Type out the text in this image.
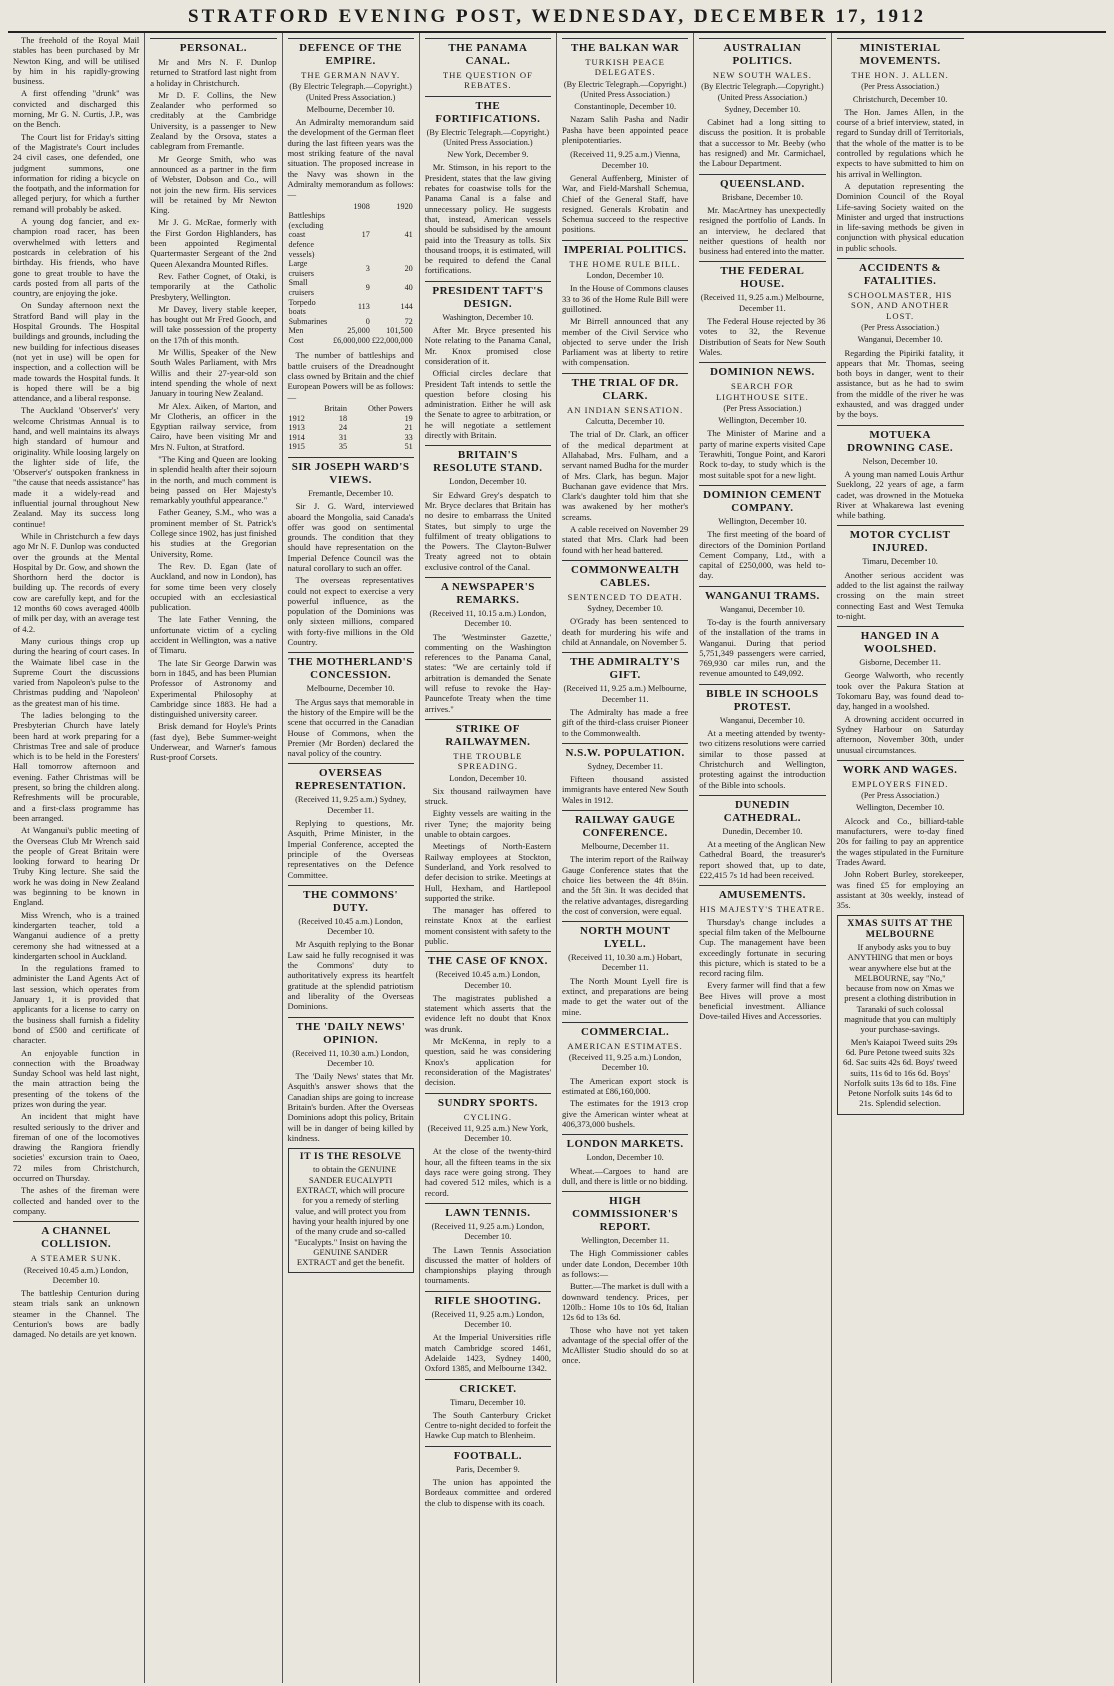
STRATFORD EVENING POST, WEDNESDAY, DECEMBER 17, 1912

The freehold of the Royal Mail stables has been purchased by Mr Newton King, and will be utilised by him in his rapidly-growing business.

A first offending "drunk" was convicted and discharged this morning, Mr G. N. Curtis, J.P., was on the Bench.

The Court list for Friday's sitting of the Magistrate's Court includes 24 civil cases, one defended, one judgment summons, one information for riding a bicycle on the footpath, and the information for alleged perjury, for which a further remand will probably be asked.

A young dog fancier, and ex-champion road racer, has been overwhelmed with letters and postcards in celebration of his birthday. His friends, who have gone to great trouble to have the cards posted from all parts of the country, are enjoying the joke.

On Sunday afternoon next the Stratford Band will play in the Hospital Grounds. The Hospital buildings and grounds, including the new building for infectious diseases (not yet in use) will be open for inspection, and a collection will be made towards the Hospital funds. It is hoped there will be a big attendance, and a liberal response.

The Auckland 'Observer's' very welcome Christmas Annual is to hand, and well maintains its always high standard of humour and originality. While loosing largely on the lighter side of life, the 'Observer's' outspoken frankness in "the cause that needs assistance" has made it a widely-read and influential journal throughout New Zealand. May its success long continue!

While in Christchurch a few days ago Mr N. F. Dunlop was conducted over the grounds at the Mental Hospital by Dr. Gow, and shown the Shorthorn herd the doctor is building up. The records of every cow are carefully kept, and for the 12 months 60 cows averaged 400lb of milk per day, with an average test of 4.2.

Many curious things crop up during the hearing of court cases. In the Waimate libel case in the Supreme Court the discussions varied from Napoleon's pulse to the Christmas pudding and 'Napoleon' as the greatest man of his time.

The ladies belonging to the Presbyterian Church have lately been hard at work preparing for a Christmas Tree and sale of produce which is to be held in the Foresters' Hall tomorrow afternoon and evening. Father Christmas will be present, so bring the children along. Refreshments will be procurable, and a first-class programme has been arranged.

At Wanganui's public meeting of the Overseas Club Mr Wrench said the people of Great Britain were looking forward to hearing Dr Truby King lecture. She said the work he was doing in New Zealand was beginning to be known in England.

Miss Wrench, who is a trained kindergarten teacher, told a Wanganui audience of a pretty ceremony she had witnessed at a kindergarten school in Auckland.

In the regulations framed to administer the Land Agents Act of last session, which operates from January 1, it is provided that applicants for a license to carry on the business shall furnish a fidelity bond of £500 and certificate of character.

An enjoyable function in connection with the Broadway Sunday School was held last night, the main attraction being the presenting of the tokens of the prizes won during the year.

An incident that might have resulted seriously to the driver and fireman of one of the locomotives drawing the Rangiora friendly societies' excursion train to Oaeo, 72 miles from Christchurch, occurred on Thursday.

The ashes of the fireman were collected and handed over to the company.

A CHANNEL COLLISION.
A STEAMER SUNK.
(Received 10.45 a.m.) London, December 10.

The battleship Centurion during steam trials sank an unknown steamer in the Channel. The Centurion's bows are badly damaged. No details are yet known.

PERSONAL.

Mr and Mrs N. F. Dunlop returned to Stratford last night from a holiday in Christchurch.

Mr D. F. Collins, the New Zealander who performed so creditably at the Cambridge University, is a passenger to New Zealand by the Orsova, states a cablegram from Fremantle.

Mr George Smith, who was announced as a partner in the firm of Webster, Dobson and Co., will not join the new firm. His services will be retained by Mr Newton King.

Mr J. G. McRae, formerly with the First Gordon Highlanders, has been appointed Regimental Quartermaster Sergeant of the 2nd Queen Alexandra Mounted Rifles.

Rev. Father Cognet, of Otaki, is temporarily at the Catholic Presbytery, Wellington.

Mr Davey, livery stable keeper, has bought out Mr Fred Gooch, and will take possession of the property on the 17th of this month.

Mr Willis, Speaker of the New South Wales Parliament, with Mrs Willis and their 27-year-old son intend spending the whole of next January in touring New Zealand.

Mr Alex. Aiken, of Marton, and Mr Clotheris, an officer in the Egyptian railway service, from Cairo, have been visiting Mr and Mrs N. Fulton, at Stratford.

"The King and Queen are looking in splendid health after their sojourn in the north, and much comment is being passed on Her Majesty's remarkably youthful appearance."

Father Geaney, S.M., who was a prominent member of St. Patrick's College since 1902, has just finished his studies at the Gregorian University, Rome.

The Rev. D. Egan (late of Auckland, and now in London), has for some time been very closely occupied with an ecclesiastical publication.

The late Father Venning, the unfortunate victim of a cycling accident in Wellington, was a native of Timaru.

The late Sir George Darwin was born in 1845, and has been Plumian Professor of Astronomy and Experimental Philosophy at Cambridge since 1883. He had a distinguished university career.

Brisk demand for Hoyle's Prints (fast dye), Bebe Summer-weight Underwear, and Warner's famous Rust-proof Corsets.

DEFENCE OF THE EMPIRE.
THE GERMAN NAVY.
(By Electric Telegraph.—Copyright.) (United Press Association.)
Melbourne, December 10.

An Admiralty memorandum said the development of the German fleet during the last fifteen years was the most striking feature of the naval situation. The proposed increase in the Navy was shown in the Admiralty memorandum as follows:—

	1908	1920
Battleships (excluding coast defence vessels)	17	41
Large cruisers	3	20
Small cruisers	9	40
Torpedo boats	113	144
Submarines	0	72
Men	25,000	101,500
Cost	£6,000,000	£22,000,000

The number of battleships and battle cruisers of the Dreadnought class owned by Britain and the chief European Powers will be as follows:—

	Britain	Other Powers
1912	18	19
1913	24	21
1914	31	33
1915	35	51
SIR JOSEPH WARD'S VIEWS.
Fremantle, December 10.

Sir J. G. Ward, interviewed aboard the Mongolia, said Canada's offer was good on sentimental grounds. The condition that they should have representation on the Imperial Defence Council was the natural corollary to such an offer.

The overseas representatives could not expect to exercise a very powerful influence, as the population of the Dominions was only sixteen millions, compared with forty-five millions in the Old Country.

THE MOTHERLAND'S CONCESSION.
Melbourne, December 10.

The Argus says that memorable in the history of the Empire will be the scene that occurred in the Canadian House of Commons, when the Premier (Mr Borden) declared the naval policy of the country.

OVERSEAS REPRESENTATION.
(Received 11, 9.25 a.m.) Sydney, December 11.

Replying to questions, Mr. Asquith, Prime Minister, in the Imperial Conference, accepted the principle of the Overseas representatives on the Defence Committee.

THE COMMONS' DUTY.
(Received 10.45 a.m.) London, December 10.

Mr Asquith replying to the Bonar Law said he fully recognised it was the Commons' duty to authoritatively express its heartfelt gratitude at the splendid patriotism and liberality of the Overseas Dominions.

THE 'DAILY NEWS' OPINION.
(Received 11, 10.30 a.m.) London, December 10.

The 'Daily News' states that Mr. Asquith's answer shows that the Canadian ships are going to increase Britain's burden. After the Overseas Dominions adopt this policy, Britain will be in danger of being killed by kindness.

IT IS THE RESOLVE

to obtain the GENUINE SANDER EUCALYPTI EXTRACT, which will procure for you a remedy of sterling value, and will protect you from having your health injured by one of the many crude and so-called "Eucalypts." Insist on having the GENUINE SANDER EXTRACT and get the benefit.

THE PANAMA CANAL.
THE QUESTION OF REBATES.
THE FORTIFICATIONS.
(By Electric Telegraph.—Copyright.) (United Press Association.)
New York, December 9.

Mr. Stimson, in his report to the President, states that the law giving rebates for coastwise tolls for the Panama Canal is a false and unnecessary policy. He suggests that, instead, American vessels should be subsidised by the amount paid into the Treasury as tolls. Six thousand troops, it is estimated, will be required to defend the Canal fortifications.

PRESIDENT TAFT'S DESIGN.
Washington, December 10.

After Mr. Bryce presented his Note relating to the Panama Canal, Mr. Knox promised close consideration of it.

Official circles declare that President Taft intends to settle the question before closing his administration. Either he will ask the Senate to agree to arbitration, or he will negotiate a settlement directly with Britain.

BRITAIN'S RESOLUTE STAND.
London, December 10.

Sir Edward Grey's despatch to Mr. Bryce declares that Britain has no desire to embarrass the United States, but simply to urge the fulfilment of treaty obligations to the Powers. The Clayton-Bulwer Treaty agreed not to obtain exclusive control of the Canal.

A NEWSPAPER'S REMARKS.
(Received 11, 10.15 a.m.) London, December 10.

The 'Westminster Gazette,' commenting on the Washington references to the Panama Canal, states: "We are certainly told if arbitration is demanded the Senate will refuse to revoke the Hay-Pauncefote Treaty when the time arrives."

STRIKE OF RAILWAYMEN.
THE TROUBLE SPREADING.
London, December 10.

Six thousand railwaymen have struck.

Eighty vessels are waiting in the river Tyne; the majority being unable to obtain cargoes.

Meetings of North-Eastern Railway employees at Stockton, Sunderland, and York resolved to defer decision to strike. Meetings at Hull, Hexham, and Hartlepool supported the strike.

The manager has offered to reinstate Knox at the earliest moment consistent with safety to the public.

THE CASE OF KNOX.
(Received 10.45 a.m.) London, December 10.

The magistrates published a statement which asserts that the evidence left no doubt that Knox was drunk.

Mr McKenna, in reply to a question, said he was considering Knox's application for reconsideration of the Magistrates' decision.

SUNDRY SPORTS.
CYCLING.
(Received 11, 9.25 a.m.) New York, December 10.

At the close of the twenty-third hour, all the fifteen teams in the six days race were going strong. They had covered 512 miles, which is a record.

LAWN TENNIS.
(Received 11, 9.25 a.m.) London, December 10.

The Lawn Tennis Association discussed the matter of holders of championships playing through tournaments.

RIFLE SHOOTING.
(Received 11, 9.25 a.m.) London, December 10.

At the Imperial Universities rifle match Cambridge scored 1461, Adelaide 1423, Sydney 1400, Oxford 1385, and Melbourne 1342.

CRICKET.
Timaru, December 10.

The South Canterbury Cricket Centre to-night decided to forfeit the Hawke Cup match to Blenheim.

FOOTBALL.
Paris, December 9.

The union has appointed the Bordeaux committee and ordered the club to dispense with its coach.

THE BALKAN WAR
TURKISH PEACE DELEGATES.
(By Electric Telegraph.—Copyright.) (United Press Association.)
Constantinople, December 10.

Nazam Salih Pasha and Nadir Pasha have been appointed peace plenipotentiaries.

(Received 11, 9.25 a.m.) Vienna, December 10.

General Auffenberg, Minister of War, and Field-Marshall Schemua, Chief of the General Staff, have resigned. Generals Krobatin and Schemua succeed to the respective positions.

IMPERIAL POLITICS.
THE HOME RULE BILL.
London, December 10.

In the House of Commons clauses 33 to 36 of the Home Rule Bill were guillotined.

Mr Birrell announced that any member of the Civil Service who objected to serve under the Irish Parliament was at liberty to retire with compensation.

THE TRIAL OF DR. CLARK.
AN INDIAN SENSATION.
Calcutta, December 10.

The trial of Dr. Clark, an officer of the medical department at Allahabad, Mrs. Fulham, and a servant named Budha for the murder of Mrs. Clark, has begun. Major Buchanan gave evidence that Mrs. Clark's daughter told him that she was awakened by her mother's screams.

A cable received on November 29 stated that Mrs. Clark had been found with her head battered.

COMMONWEALTH CABLES.
SENTENCED TO DEATH.
Sydney, December 10.

O'Grady has been sentenced to death for murdering his wife and child at Annandale, on November 5.

THE ADMIRALTY'S GIFT.
(Received 11, 9.25 a.m.) Melbourne, December 11.

The Admiralty has made a free gift of the third-class cruiser Pioneer to the Commonwealth.

N.S.W. POPULATION.
Sydney, December 11.

Fifteen thousand assisted immigrants have entered New South Wales in 1912.

RAILWAY GAUGE CONFERENCE.
Melbourne, December 11.

The interim report of the Railway Gauge Conference states that the choice lies between the 4ft 8½in. and the 5ft 3in. It was decided that the relative advantages, disregarding the cost of conversion, were equal.

NORTH MOUNT LYELL.
(Received 11, 10.30 a.m.) Hobart, December 11.

The North Mount Lyell fire is extinct, and preparations are being made to get the water out of the mine.

COMMERCIAL.
AMERICAN ESTIMATES.
(Received 11, 9.25 a.m.) London, December 10.

The American export stock is estimated at £86,160,000.

The estimates for the 1913 crop give the American winter wheat at 406,373,000 bushels.

LONDON MARKETS.
London, December 10.

Wheat.—Cargoes to hand are dull, and there is little or no bidding.

HIGH COMMISSIONER'S REPORT.
Wellington, December 11.

The High Commissioner cables under date London, December 10th as follows:—

Butter.—The market is dull with a downward tendency. Prices, per 120lb.: Home 10s to 10s 6d, Italian 12s 6d to 13s 6d.

Those who have not yet taken advantage of the special offer of the McAllister Studio should do so at once.

AUSTRALIAN POLITICS.
NEW SOUTH WALES.
(By Electric Telegraph.—Copyright.) (United Press Association.)
Sydney, December 10.

Cabinet had a long sitting to discuss the position. It is probable that a successor to Mr. Beeby (who has resigned) and Mr. Carmichael, the Labour Department.

QUEENSLAND.
Brisbane, December 10.

Mr. MacArtney has unexpectedly resigned the portfolio of Lands. In an interview, he declared that neither questions of health nor business had entered into the matter.

THE FEDERAL HOUSE.
(Received 11, 9.25 a.m.) Melbourne, December 11.

The Federal House rejected by 36 votes to 32, the Revenue Distribution of Seats for New South Wales.

DOMINION NEWS.
SEARCH FOR LIGHTHOUSE SITE.
(Per Press Association.)
Wellington, December 10.

The Minister of Marine and a party of marine experts visited Cape Terawhiti, Tongue Point, and Karori Rock to-day, to study which is the most suitable spot for a new light.

DOMINION CEMENT COMPANY.
Wellington, December 10.

The first meeting of the board of directors of the Dominion Portland Cement Company, Ltd., with a capital of £250,000, was held to-day.

WANGANUI TRAMS.
Wanganui, December 10.

To-day is the fourth anniversary of the installation of the trams in Wanganui. During that period 5,751,349 passengers were carried, 769,930 car miles run, and the revenue amounted to £49,092.

BIBLE IN SCHOOLS PROTEST.
Wanganui, December 10.

At a meeting attended by twenty-two citizens resolutions were carried similar to those passed at Christchurch and Wellington, protesting against the introduction of the Bible into schools.

DUNEDIN CATHEDRAL.
Dunedin, December 10.

At a meeting of the Anglican New Cathedral Board, the treasurer's report showed that, up to date, £22,415 7s 1d had been received.

AMUSEMENTS.
HIS MAJESTY'S THEATRE.

Thursday's change includes a special film taken of the Melbourne Cup. The management have been exceedingly fortunate in securing this picture, which is stated to be a record racing film.

Every farmer will find that a few Bee Hives will prove a most beneficial investment. Alliance Dove-tailed Hives and Accessories.

MINISTERIAL MOVEMENTS.
THE HON. J. ALLEN.
(Per Press Association.)
Christchurch, December 10.

The Hon. James Allen, in the course of a brief interview, stated, in regard to Sunday drill of Territorials, that the whole of the matter is to be controlled by regulations which he expects to have submitted to him on his arrival in Wellington.

A deputation representing the Dominion Council of the Royal Life-saving Society waited on the Minister and urged that instructions in life-saving methods be given in conjunction with physical education in public schools.

ACCIDENTS & FATALITIES.
SCHOOLMASTER, HIS SON, AND ANOTHER LOST.
(Per Press Association.)
Wanganui, December 10.

Regarding the Pipiriki fatality, it appears that Mr. Thomas, seeing both boys in danger, went to their assistance, but as he had to swim from the middle of the river he was exhausted, and was dragged under by the boys.

MOTUEKA DROWNING CASE.
Nelson, December 10.

A young man named Louis Arthur Sueklong, 22 years of age, a farm cadet, was drowned in the Motueka River at Whakarewa last evening while bathing.

MOTOR CYCLIST INJURED.
Timaru, December 10.

Another serious accident was added to the list against the railway crossing on the main street connecting East and West Temuka to-night.

HANGED IN A WOOLSHED.
Gisborne, December 11.

George Walworth, who recently took over the Pakura Station at Tokomaru Bay, was found dead to-day, hanged in a woolshed.

A drowning accident occurred in Sydney Harbour on Saturday afternoon, November 30th, under unusual circumstances.

WORK AND WAGES.
EMPLOYERS FINED.
(Per Press Association.)
Wellington, December 10.

Alcock and Co., billiard-table manufacturers, were to-day fined 20s for failing to pay an apprentice the wages stipulated in the Furniture Trades Award.

John Robert Burley, storekeeper, was fined £5 for employing an assistant at 30s weekly, instead of 35s.

XMAS SUITS AT THE MELBOURNE

If anybody asks you to buy ANYTHING that men or boys wear anywhere else but at the MELBOURNE, say "No," because from now on Xmas we present a clothing distribution in Taranaki of such colossal magnitude that you can multiply your purchase-savings.

Men's Kaiapoi Tweed suits 29s 6d. Pure Petone tweed suits 32s 6d. Sac suits 42s 6d. Boys' tweed suits, 11s 6d to 16s 6d. Boys' Norfolk suits 13s 6d to 18s. Fine Petone Norfolk suits 14s 6d to 21s. Splendid selection.
